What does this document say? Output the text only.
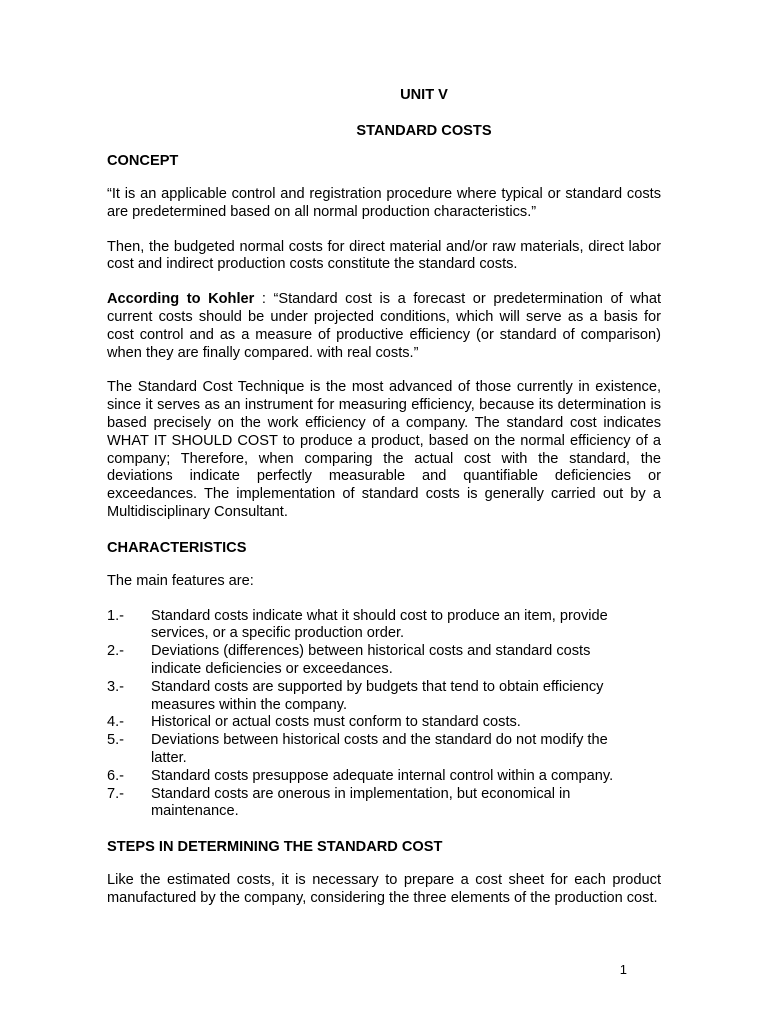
UNIT V

STANDARD COSTS

CONCEPT

“It is an applicable control and registration procedure where typical or standard costs are predetermined based on all normal production characteristics.”

Then, the budgeted normal costs for direct material and/or raw materials, direct labor cost and indirect production costs constitute the standard costs.

According to Kohler : “Standard cost is a forecast or predetermination of what current costs should be under projected conditions, which will serve as a basis for cost control and as a measure of productive efficiency (or standard of comparison) when they are finally compared. with real costs.”

The Standard Cost Technique is the most advanced of those currently in existence, since it serves as an instrument for measuring efficiency, because its determination is based precisely on the work efficiency of a company. The standard cost indicates WHAT IT SHOULD COST to produce a product, based on the normal efficiency of a company; Therefore, when comparing the actual cost with the standard, the deviations indicate perfectly measurable and quantifiable deficiencies or exceedances. The implementation of standard costs is generally carried out by a Multidisciplinary Consultant.

CHARACTERISTICS

The main features are:

1.-	Standard costs indicate what it should cost to produce an item, provide services, or a specific production order.
2.-	Deviations (differences) between historical costs and standard costs indicate deficiencies or exceedances.
3.-	Standard costs are supported by budgets that tend to obtain efficiency measures within the company.
4.-	Historical or actual costs must conform to standard costs.
5.-	Deviations between historical costs and the standard do not modify the latter.
6.-	Standard costs presuppose adequate internal control within a company.
7.-	Standard costs are onerous in implementation, but economical in maintenance.
STEPS IN DETERMINING THE STANDARD COST

Like the estimated costs, it is necessary to prepare a cost sheet for each product manufactured by the company, considering the three elements of the production cost.

1
